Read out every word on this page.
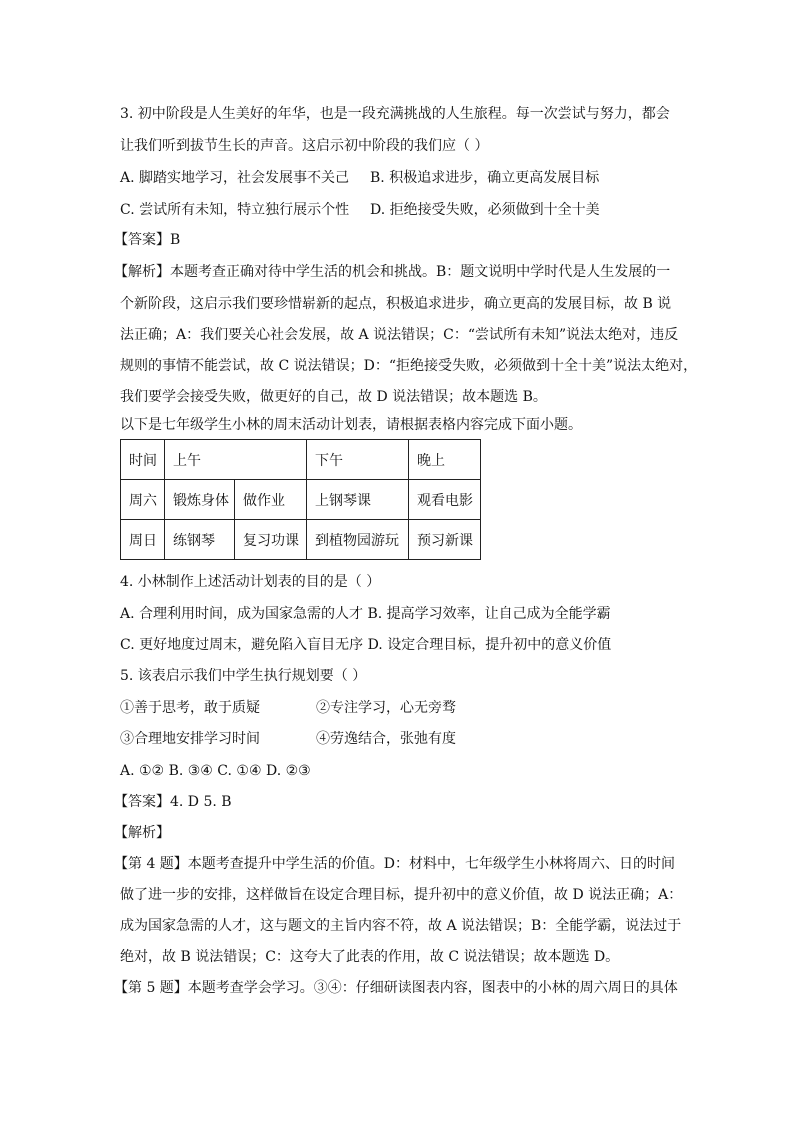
3. 初中阶段是人生美好的年华，也是一段充满挑战的人生旅程。每一次尝试与努力，都会
让我们听到拔节生长的声音。这启示初中阶段的我们应（ ）
A. 脚踏实地学习，社会发展事不关己 B. 积极追求进步，确立更高发展目标
C. 尝试所有未知，特立独行展示个性 D. 拒绝接受失败，必须做到十全十美
【答案】B
【解析】本题考查正确对待中学生活的机会和挑战。B：题文说明中学时代是人生发展的一
个新阶段，这启示我们要珍惜崭新的起点，积极追求进步，确立更高的发展目标，故 B 说
法正确；A：我们要关心社会发展，故 A 说法错误；C：“尝试所有未知”说法太绝对，违反
规则的事情不能尝试，故 C 说法错误；D：“拒绝接受失败，必须做到十全十美”说法太绝对，
我们要学会接受失败，做更好的自己，故 D 说法错误；故本题选 B。
以下是七年级学生小林的周末活动计划表，请根据表格内容完成下面小题。
时间	上午		下午	晚上
周六	锻炼身体	做作业	上钢琴课	观看电影
周日	练钢琴	复习功课	到植物园游玩	预习新课
4. 小林制作上述活动计划表的目的是（ ）
A. 合理利用时间，成为国家急需的人才 B. 提高学习效率，让自己成为全能学霸
C. 更好地度过周末，避免陷入盲目无序 D. 设定合理目标，提升初中的意义价值
5. 该表启示我们中学生执行规划要（ ）
①善于思考，敢于质疑	②专注学习，心无旁骛
③合理地安排学习时间	④劳逸结合，张弛有度
A. ①② B. ③④ C. ①④ D. ②③
【答案】4. D 5. B
【解析】
【第 4 题】本题考查提升中学生活的价值。D：材料中，七年级学生小林将周六、日的时间
做了进一步的安排，这样做旨在设定合理目标，提升初中的意义价值，故 D 说法正确；A：
成为国家急需的人才，这与题文的主旨内容不符，故 A 说法错误；B：全能学霸，说法过于
绝对，故 B 说法错误；C：这夸大了此表的作用，故 C 说法错误；故本题选 D。
【第 5 题】本题考查学会学习。③④：仔细研读图表内容，图表中的小林的周六周日的具体
